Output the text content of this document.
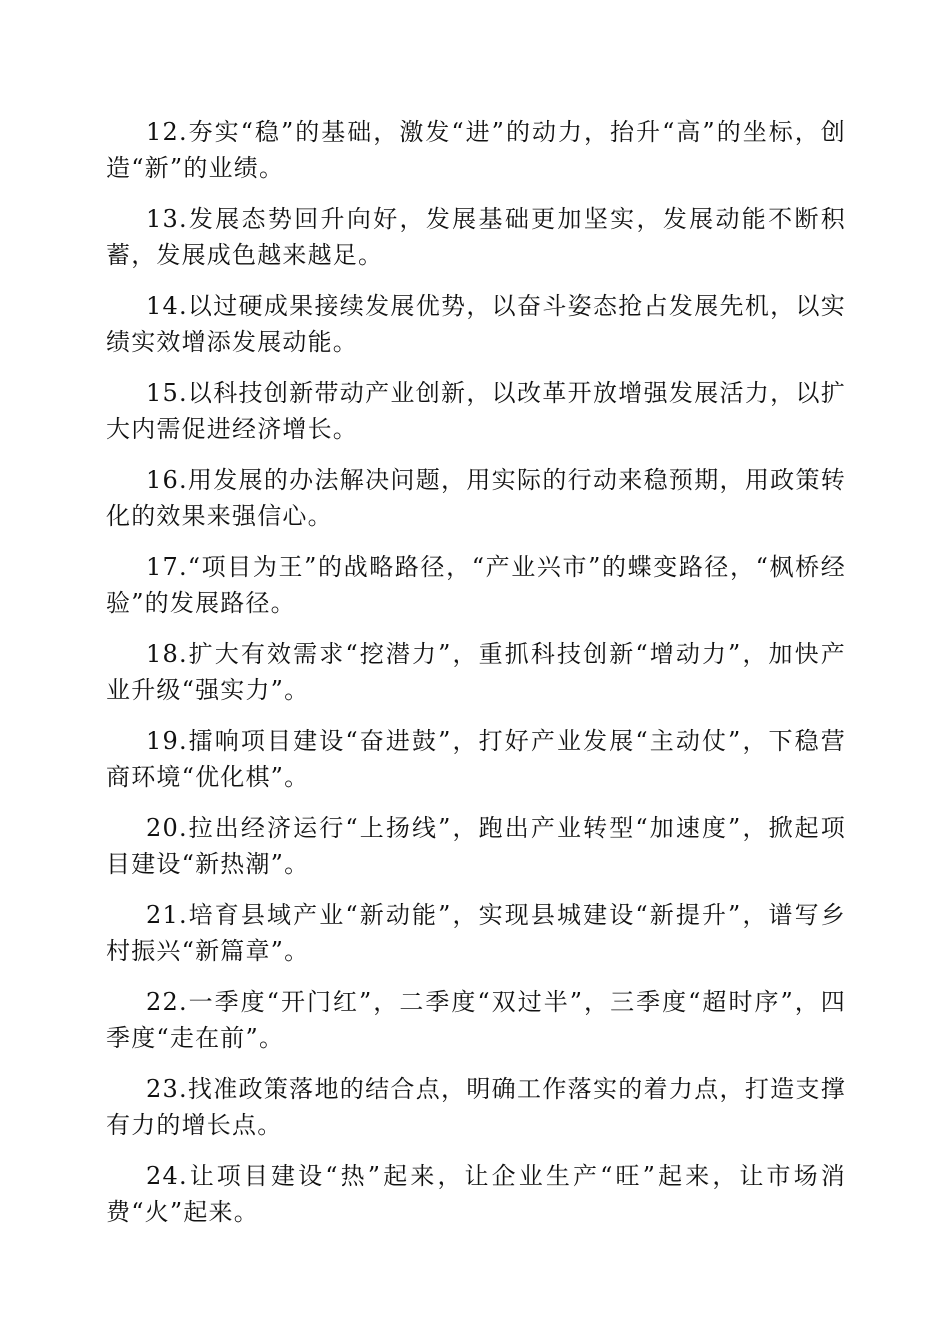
12.夯实“稳”的基础，激发“进”的动力，抬升“高”的坐标，创造“新”的业绩。

13.发展态势回升向好，发展基础更加坚实，发展动能不断积蓄，发展成色越来越足。

14.以过硬成果接续发展优势，以奋斗姿态抢占发展先机，以实绩实效增添发展动能。

15.以科技创新带动产业创新，以改革开放增强发展活力，以扩大内需促进经济增长。

16.用发展的办法解决问题，用实际的行动来稳预期，用政策转化的效果来强信心。

17.“项目为王”的战略路径，“产业兴市”的蝶变路径，“枫桥经验”的发展路径。

18.扩大有效需求“挖潜力”，重抓科技创新“增动力”，加快产业升级“强实力”。

19.擂响项目建设“奋进鼓”，打好产业发展“主动仗”，下稳营商环境“优化棋”。

20.拉出经济运行“上扬线”，跑出产业转型“加速度”，掀起项目建设“新热潮”。

21.培育县域产业“新动能”，实现县城建设“新提升”，谱写乡村振兴“新篇章”。

22.一季度“开门红”，二季度“双过半”，三季度“超时序”，四季度“走在前”。

23.找准政策落地的结合点，明确工作落实的着力点，打造支撑有力的增长点。

24.让项目建设“热”起来，让企业生产“旺”起来，让市场消费“火”起来。
